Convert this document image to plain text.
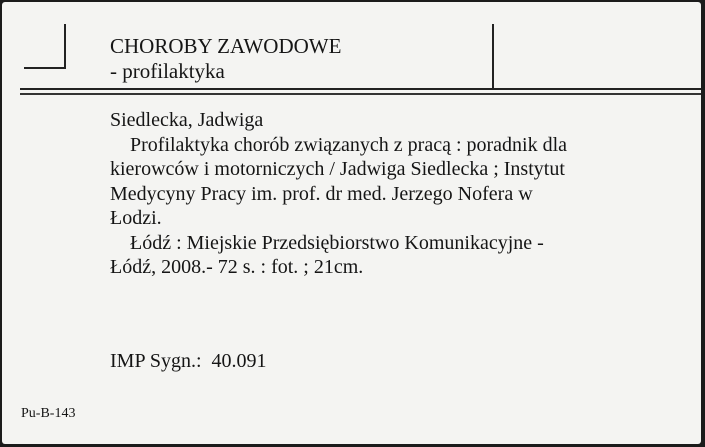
CHOROBY ZAWODOWE
- profilaktyka
Siedlecka, Jadwiga
Profilaktyka chorób związanych z pracą : poradnik dla
kierowców i motorniczych / Jadwiga Siedlecka ; Instytut
Medycyny Pracy im. prof. dr med. Jerzego Nofera w
Łodzi.
Łódź : Miejskie Przedsiębiorstwo Komunikacyjne -
Łódź, 2008.- 72 s. : fot. ; 21cm.
IMP Sygn.: 40.091
Pu-B-143
